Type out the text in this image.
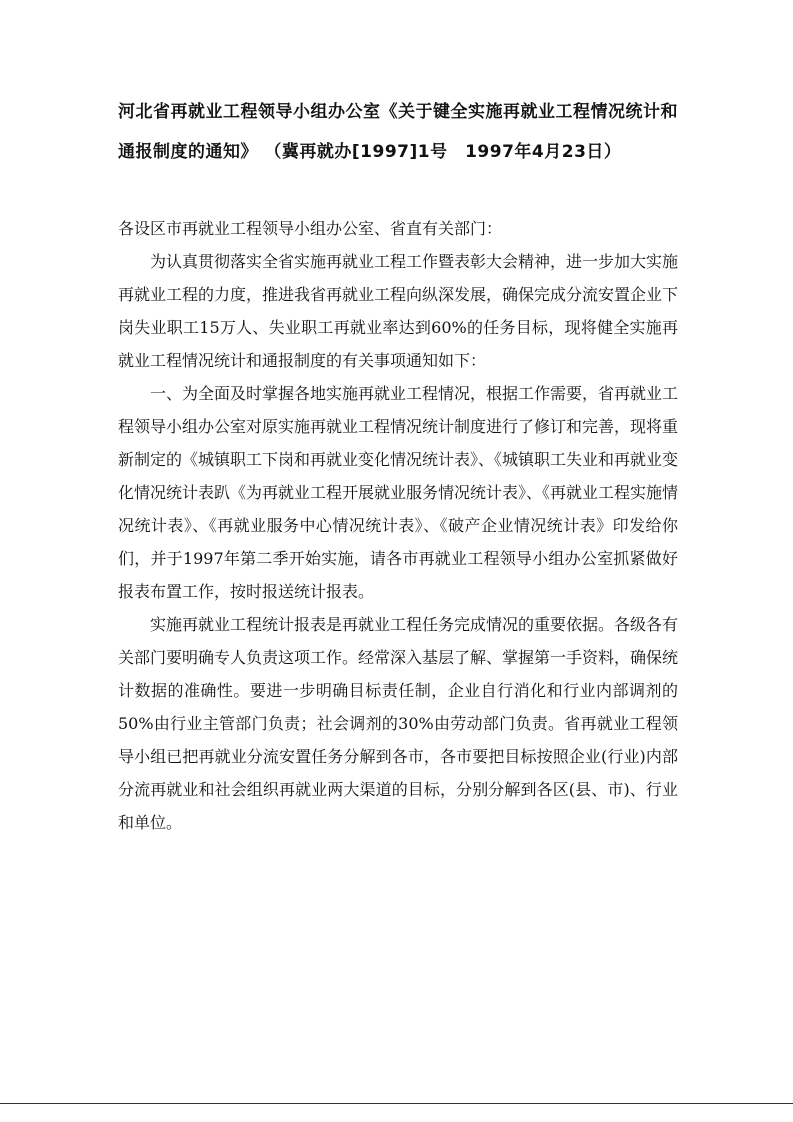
河北省再就业工程领导小组办公室《关于键全实施再就业工程情况统计和通报制度的通知》 （冀再就办[1997]1号　1997年4月23日）

各设区市再就业工程领导小组办公室、省直有关部门：

为认真贯彻落实全省实施再就业工程工作暨表彰大会精神，进一步加大实施再就业工程的力度，推进我省再就业工程向纵深发展，确保完成分流安置企业下岗失业职工15万人、失业职工再就业率达到60%的任务目标，现将健全实施再就业工程情况统计和通报制度的有关事项通知如下：

一、为全面及时掌握各地实施再就业工程情况，根据工作需要，省再就业工程领导小组办公室对原实施再就业工程情况统计制度进行了修订和完善，现将重新制定的《城镇职工下岗和再就业变化情况统计表》、《城镇职工失业和再就业变化情况统计表趴《为再就业工程开展就业服务情况统计表》、《再就业工程实施情况统计表》、《再就业服务中心情况统计表》、《破产企业情况统计表》印发给你们，并于1997年第二季开始实施，请各市再就业工程领导小组办公室抓紧做好报表布置工作，按时报送统计报表。

实施再就业工程统计报表是再就业工程任务完成情况的重要依据。各级各有关部门要明确专人负责这项工作。经常深入基层了解、掌握第一手资料，确保统计数据的准确性。要进一步明确目标责任制，企业自行消化和行业内部调剂的50%由行业主管部门负责；社会调剂的30%由劳动部门负责。省再就业工程领导小组已把再就业分流安置任务分解到各市，各市要把目标按照企业(行业)内部分流再就业和社会组织再就业两大渠道的目标，分别分解到各区(县、市)、行业和单位。
